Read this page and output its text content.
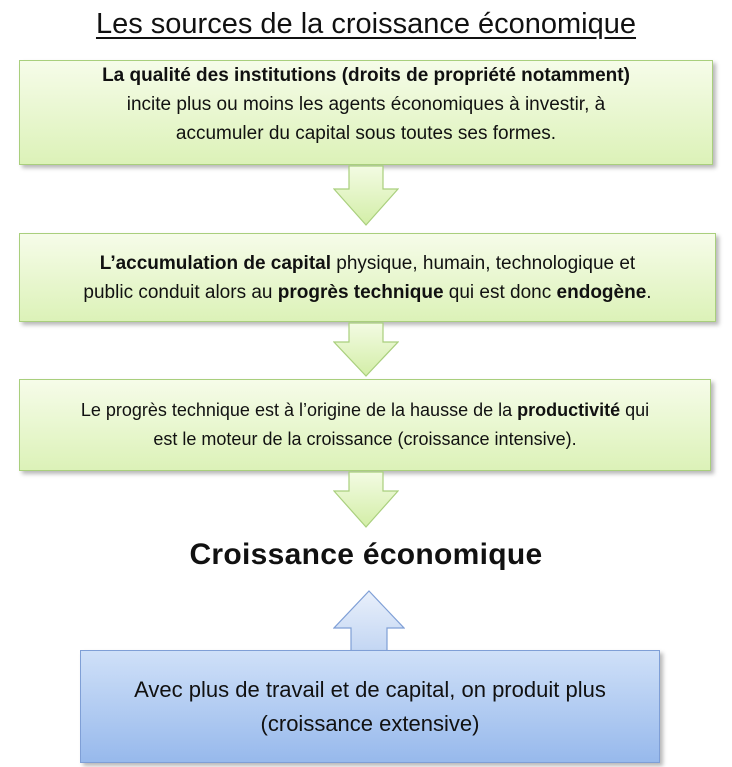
Les sources de la croissance économique

La qualité des institutions (droits de propriété notamment)

incite plus ou moins les agents économiques à investir, à

accumuler du capital sous toutes ses formes.

L’accumulation de capital physique, humain, technologique et

public conduit alors au progrès technique qui est donc endogène.

Le progrès technique est à l’origine de la hausse de la productivité qui

est le moteur de la croissance (croissance intensive).

Croissance économique

Avec plus de travail et de capital, on produit plus

(croissance extensive)
